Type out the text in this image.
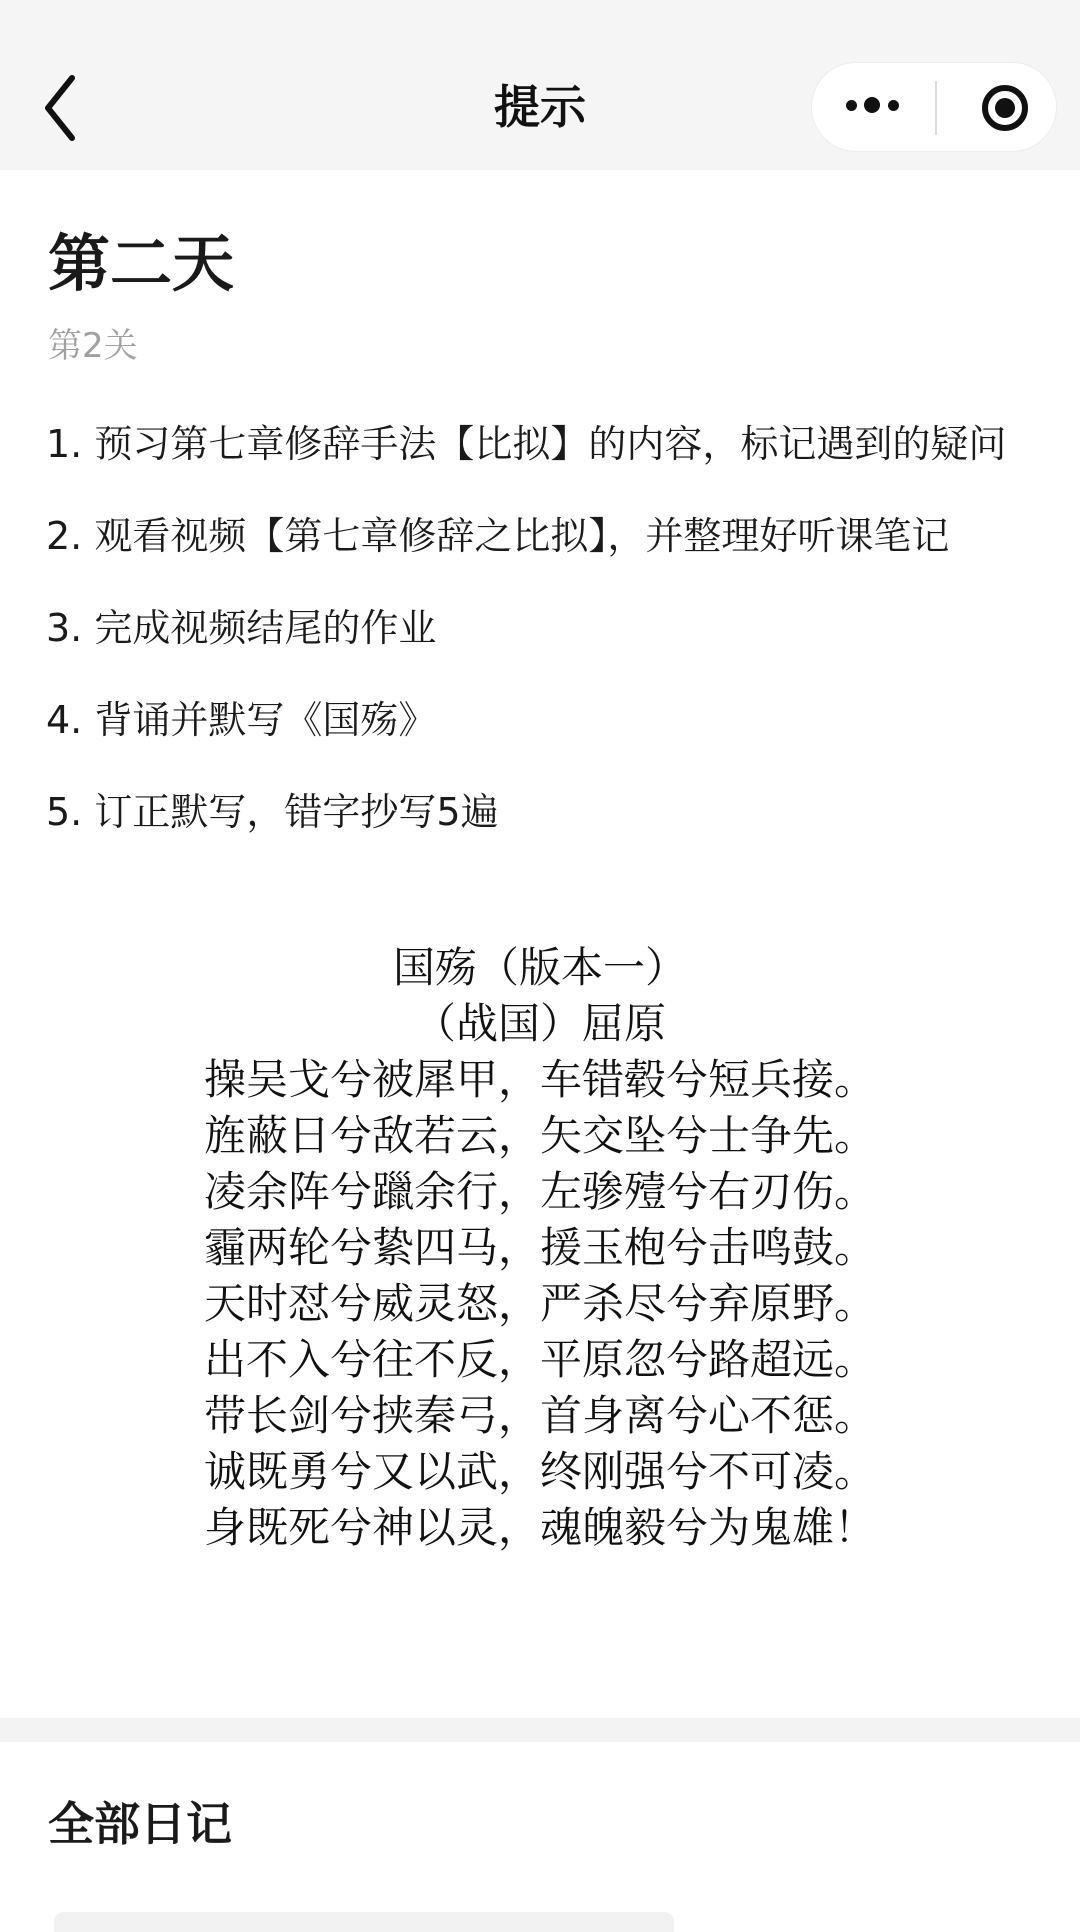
提示
第二天
第2关
1. 预习第七章修辞手法【比拟】的内容，标记遇到的疑问
2. 观看视频【第七章修辞之比拟】，并整理好听课笔记
3. 完成视频结尾的作业
4. 背诵并默写《国殇》
5. 订正默写，错字抄写5遍
国殇（版本一）
（战国）屈原
操吴戈兮被犀甲，车错毂兮短兵接。
旌蔽日兮敌若云，矢交坠兮士争先。
凌余阵兮躐余行，左骖殪兮右刃伤。
霾两轮兮絷四马，援玉枹兮击鸣鼓。
天时怼兮威灵怒，严杀尽兮弃原野。
出不入兮往不反，平原忽兮路超远。
带长剑兮挟秦弓，首身离兮心不惩。
诚既勇兮又以武，终刚强兮不可凌。
身既死兮神以灵，魂魄毅兮为鬼雄！
全部日记
